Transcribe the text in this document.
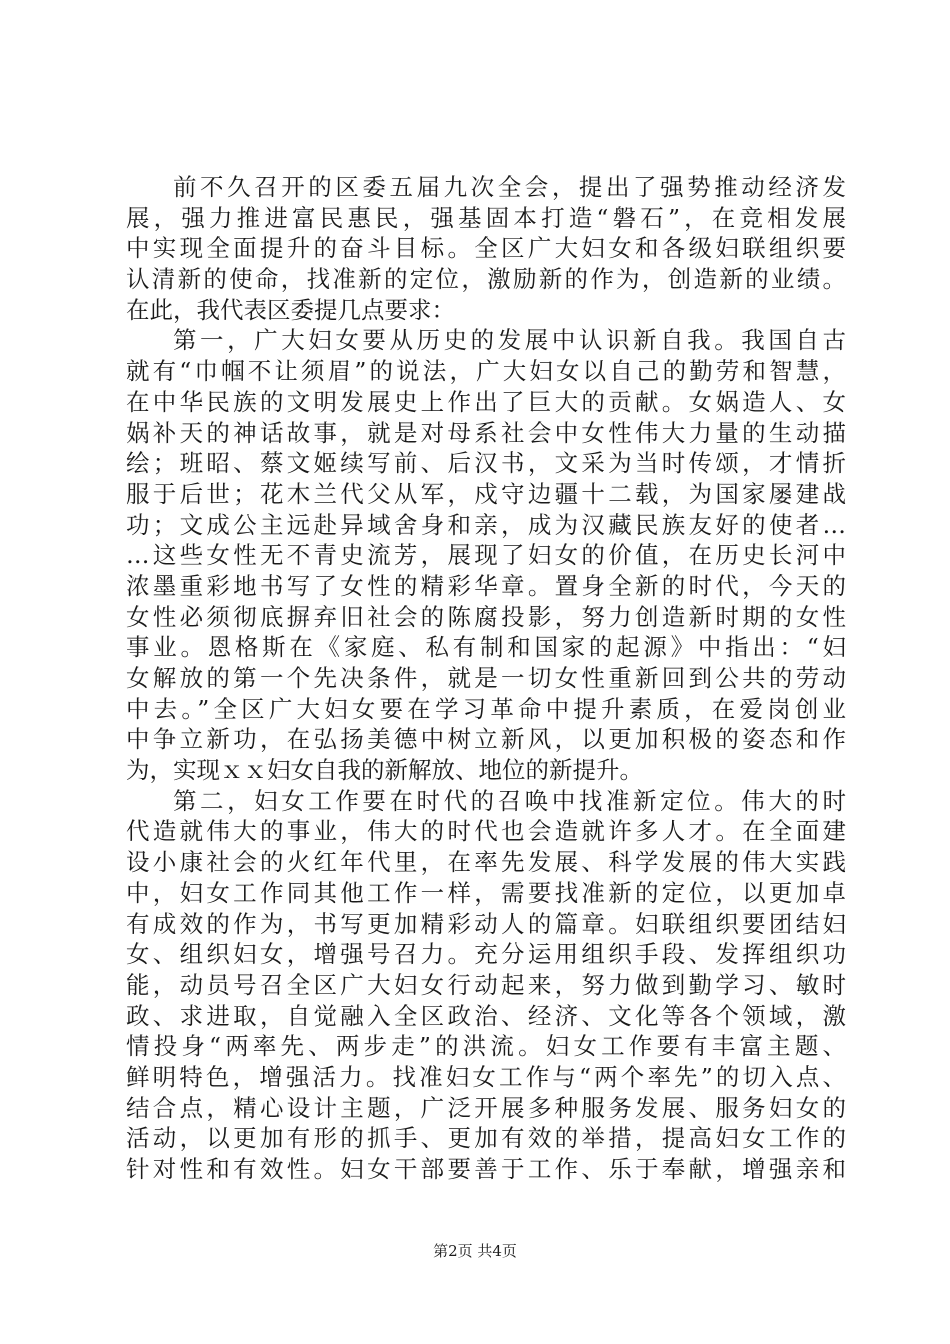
前不久召开的区委五届九次全会，提出了强势推动经济发
展，强力推进富民惠民，强基固本打造“磐石”，在竞相发展
中实现全面提升的奋斗目标。全区广大妇女和各级妇联组织要
认清新的使命，找准新的定位，激励新的作为，创造新的业绩。
在此，我代表区委提几点要求：
第一，广大妇女要从历史的发展中认识新自我。我国自古
就有“巾帼不让须眉”的说法，广大妇女以自己的勤劳和智慧，
在中华民族的文明发展史上作出了巨大的贡献。女娲造人、女
娲补天的神话故事，就是对母系社会中女性伟大力量的生动描
绘；班昭、蔡文姬续写前、后汉书，文采为当时传颂，才情折
服于后世；花木兰代父从军，戍守边疆十二载，为国家屡建战
功；文成公主远赴异域舍身和亲，成为汉藏民族友好的使者…
…这些女性无不青史流芳，展现了妇女的价值，在历史长河中
浓墨重彩地书写了女性的精彩华章。置身全新的时代，今天的
女性必须彻底摒弃旧社会的陈腐投影，努力创造新时期的女性
事业。恩格斯在《家庭、私有制和国家的起源》中指出：“妇
女解放的第一个先决条件，就是一切女性重新回到公共的劳动
中去。”全区广大妇女要在学习革命中提升素质，在爱岗创业
中争立新功，在弘扬美德中树立新风，以更加积极的姿态和作
为，实现ｘｘ妇女自我的新解放、地位的新提升。
第二，妇女工作要在时代的召唤中找准新定位。伟大的时
代造就伟大的事业，伟大的时代也会造就许多人才。在全面建
设小康社会的火红年代里，在率先发展、科学发展的伟大实践
中，妇女工作同其他工作一样，需要找准新的定位，以更加卓
有成效的作为，书写更加精彩动人的篇章。妇联组织要团结妇
女、组织妇女，增强号召力。充分运用组织手段、发挥组织功
能，动员号召全区广大妇女行动起来，努力做到勤学习、敏时
政、求进取，自觉融入全区政治、经济、文化等各个领域，激
情投身“两率先、两步走”的洪流。妇女工作要有丰富主题、
鲜明特色，增强活力。找准妇女工作与“两个率先”的切入点、
结合点，精心设计主题，广泛开展多种服务发展、服务妇女的
活动，以更加有形的抓手、更加有效的举措，提高妇女工作的
针对性和有效性。妇女干部要善于工作、乐于奉献，增强亲和
第2页 共4页
